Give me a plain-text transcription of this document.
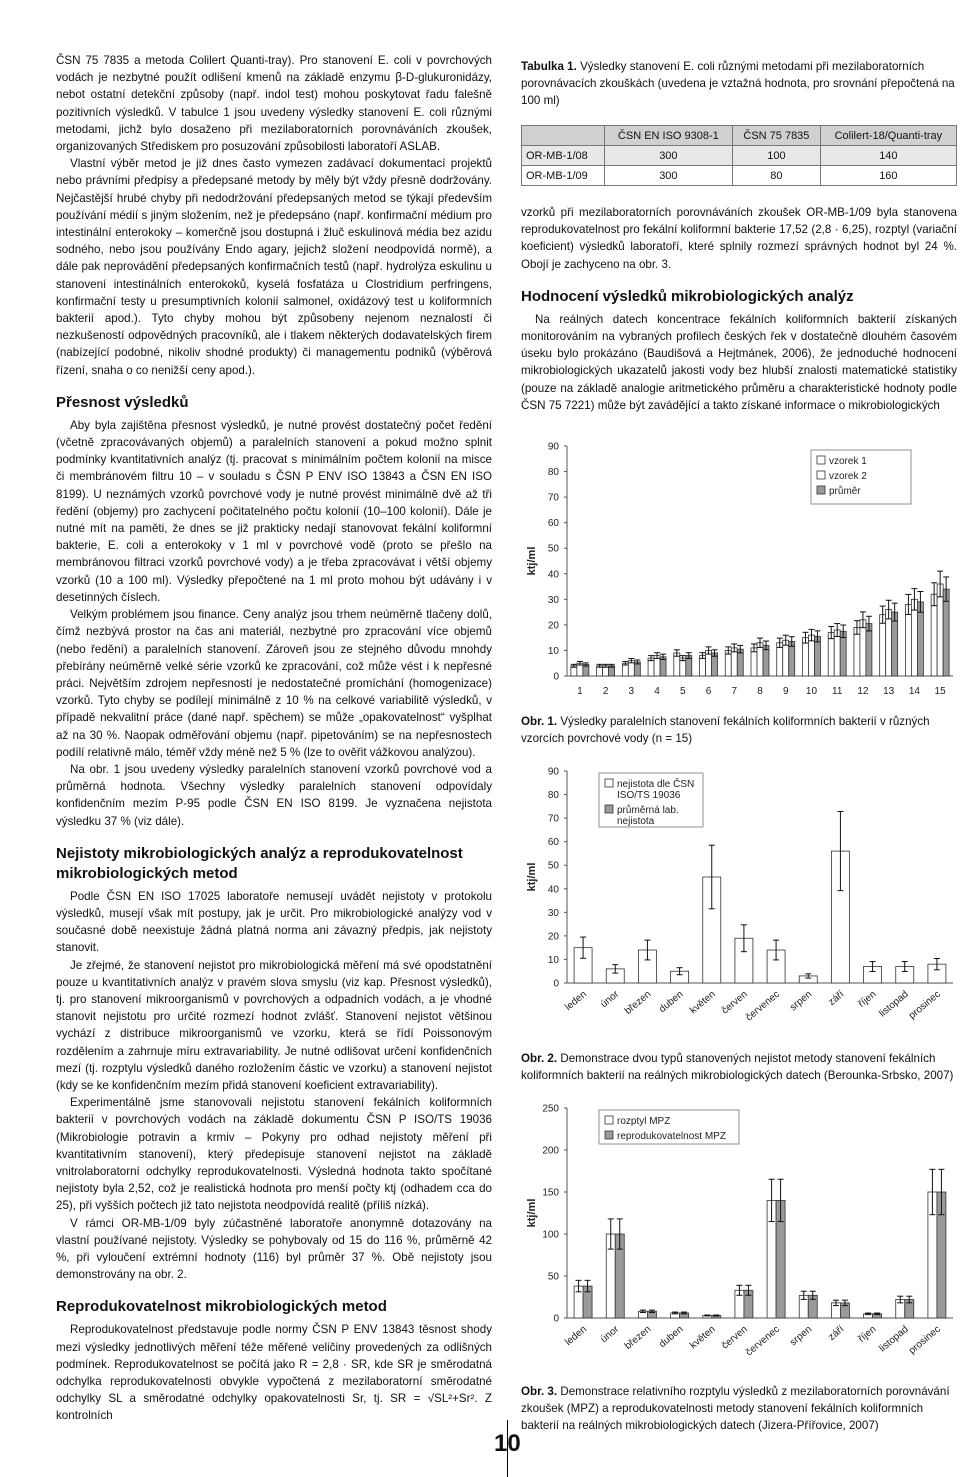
ČSN 75 7835 a metoda Colilert Quanti-tray). Pro stanovení E. coli v povrchových vodách je nezbytné použít odlišení kmenů na základě enzymu β-D-glukuronidázy, nebot ostatní detekční způsoby (např. indol test) mohou poskytovat řadu falešně pozitivních výsledků. V tabulce 1 jsou uvedeny výsledky stanovení E. coli různými metodami, jichž bylo dosaženo při mezilaboratorních porovnáváních zkoušek, organizovaných Střediskem pro posuzování způsobilosti laboratoří ASLAB.

Vlastní výběr metod je již dnes často vymezen zadávací dokumentací projektů nebo právními předpisy a předepsané metody by měly být vždy přesně dodržovány. Nejčastější hrubé chyby při nedodržování předepsaných metod se týkají především používání médií s jiným složením, než je předepsáno (např. konfirmační médium pro intestinální enterokoky – komerčně jsou dostupná i žluč eskulinová média bez azidu sodného, nebo jsou používány Endo agary, jejichž složení neodpovídá normě), a dále pak neprovádění předepsaných konfirmačních testů (např. hydrolýza eskulinu u stanovení intestinálních enterokoků, kyselá fosfatáza u Clostridium perfringens, konfirmační testy u presumptivních kolonií salmonel, oxidázový test u koliformních bakterií apod.). Tyto chyby mohou být způsobeny nejenom neznalostí či nezkušeností odpovědných pracovníků, ale i tlakem některých dodavatelských firem (nabízející podobné, nikoliv shodné produkty) či managementu podniků (výběrová řízení, snaha o co nenižší ceny apod.).

Přesnost výsledků

Aby byla zajištěna přesnost výsledků, je nutné provést dostatečný počet ředění (včetně zpracovávaných objemů) a paralelních stanovení a pokud možno splnit podmínky kvantitativních analýz (tj. pracovat s minimálním počtem kolonií na misce či membránovém filtru 10 – v souladu s ČSN P ENV ISO 13843 a ČSN EN ISO 8199). U neznámých vzorků povrchové vody je nutné provést minimálně dvě až tři ředění (objemy) pro zachycení počitatelného počtu kolonií (10–100 kolonií). Dále je nutné mít na paměti, že dnes se již prakticky nedají stanovovat fekální koliformní bakterie, E. coli a enterokoky v 1 ml v povrchové vodě (proto se přešlo na membránovou filtraci vzorků povrchové vody) a je třeba zpracovávat i větší objemy vzorků (10 a 100 ml). Výsledky přepočtené na 1 ml proto mohou být udávány i v desetinných číslech.

Velkým problémem jsou finance. Ceny analýz jsou trhem neúměrně tlačeny dolů, čímž nezbývá prostor na čas ani materiál, nezbytné pro zpracování více objemů (nebo ředění) a paralelních stanovení. Zároveň jsou ze stejného důvodu mnohdy přebírány neúměrně velké série vzorků ke zpracování, což může vést i k nepřesné práci. Největším zdrojem nepřesností je nedostatečné promíchání (homogenizace) vzorků. Tyto chyby se podílejí minimálně z 10 % na celkové variabilitě výsledků, v případě nekvalitní práce (dané např. spěchem) se může „opakovatelnost“ vyšplhat až na 30 %. Naopak odměřování objemu (např. pipetováním) se na nepřesnostech podílí relativně málo, téměř vždy méně než 5 % (lze to ověřit vážkovou analýzou).

Na obr. 1 jsou uvedeny výsledky paralelních stanovení vzorků povrchové vod a průměrná hodnota. Všechny výsledky paralelních stanovení odpovídaly konfidenčním mezím P-95 podle ČSN EN ISO 8199. Je vyznačena nejistota výsledku 37 % (viz dále).

Nejistoty mikrobiologických analýz a reprodukovatelnost mikrobiologických metod

Podle ČSN EN ISO 17025 laboratoře nemusejí uvádět nejistoty v protokolu výsledků, musejí však mít postupy, jak je určit. Pro mikrobiologické analýzy vod v současné době neexistuje žádná platná norma ani závazný předpis, jak nejistoty stanovit.

Je zřejmé, že stanovení nejistot pro mikrobiologická měření má své opodstatnění pouze u kvantitativních analýz v pravém slova smyslu (viz kap. Přesnost výsledků), tj. pro stanovení mikroorganismů v povrchových a odpadních vodách, a je vhodné stanovit nejistotu pro určité rozmezí hodnot zvlášť. Stanovení nejistot většinou vychází z distribuce mikroorganismů ve vzorku, která se řídí Poissonovým rozdělením a zahrnuje míru extravariability. Je nutné odlišovat určení konfidenčních mezí (tj. rozptylu výsledků daného rozložením částic ve vzorku) a stanovení nejistot (kdy se ke konfidenčním mezím přidá stanovení koeficient extravariability).

Experimentálně jsme stanovovali nejistotu stanovení fekálních koliformních bakterií v povrchových vodách na základě dokumentu ČSN P ISO/TS 19036 (Mikrobiologie potravin a krmiv – Pokyny pro odhad nejistoty měření při kvantitativním stanovení), který předepisuje stanovení nejistot na základě vnitrolaboratorní odchylky reprodukovatelnosti. Výsledná hodnota takto spočítané nejistoty byla 2,52, což je realistická hodnota pro menší počty ktj (odhadem cca do 25), při vyšších počtech již tato nejistota neodpovídá realitě (příliš nízká).

V rámci OR-MB-1/09 byly zúčastněné laboratoře anonymně dotazovány na vlastní používané nejistoty. Výsledky se pohybovaly od 15 do 116 %, průměrně 42 %, při vyloučení extrémní hodnoty (116) byl průměr 37 %. Obě nejistoty jsou demonstrovány na obr. 2.

Reprodukovatelnost mikrobiologických metod

Reprodukovatelnost představuje podle normy ČSN P ENV 13843 těsnost shody mezi výsledky jednotlivých měření téže měřené veličiny provedených za odlišných podmínek. Reprodukovatelnost se počítá jako R = 2,8 · SR, kde SR je směrodatná odchylka reprodukovatelnosti obvykle vypočtená z mezilaboratorní směrodatné odchylky SL a směrodatné odchylky opakovatelnosti Sr, tj. SR = √SL²+Sr². Z kontrolních

Tabulka 1. Výsledky stanovení E. coli různými metodami při mezilaboratorních porovnávacích zkouškách (uvedena je vztažná hodnota, pro srovnání přepočtená na 100 ml)

	ČSN EN ISO 9308-1	ČSN 75 7835	Colilert-18/Quanti-tray
OR-MB-1/08	300	100	140
OR-MB-1/09	300	80	160

vzorků při mezilaboratorních porovnáváních zkoušek OR-MB-1/09 byla stanovena reprodukovatelnost pro fekální koliformní bakterie 17,52 (2,8 · 6,25), rozptyl (variační koeficient) výsledků laboratoří, které splnily rozmezí správných hodnot byl 24 %. Obojí je zachyceno na obr. 3.

Hodnocení výsledků mikrobiologických analýz

Na reálných datech koncentrace fekálních koliformních bakterií získaných monitorováním na vybraných profilech českých řek v dostatečně dlouhém časovém úseku bylo prokázáno (Baudišová a Hejtmánek, 2006), že jednoduché hodnocení mikrobiologických ukazatelů jakosti vody bez hlubší znalosti matematické statistiky (pouze na základě analogie aritmetického průměru a charakteristické hodnoty podle ČSN 75 7221) může být zavádějící a takto získané informace o mikrobiologických

0
10
20
30
40
50
60
70
80
90
ktj/ml
1 2 3 4 5 6 7 8 9 10 11 12 13 14 15
vzorek 1
vzorek 2
průměr

Obr. 1. Výsledky paralelních stanovení fekálních koliformních bakterií v různých vzorcích povrchové vody (n = 15)

0
10
20
30
40
50
60
70
80
90
ktj/ml
leden únor březen duben květen červen
červenec srpen září říjen
listopad
prosinec
nejistota dle ČSN
ISO/TS 19036
průměrná lab.
nejistota

Obr. 2. Demonstrace dvou typů stanovených nejistot metody stanovení fekálních koliformních bakterií na reálných mikrobiologických datech (Berounka-Srbsko, 2007)

0
50
100
150
200
250
ktj/ml
leden únor březen duben květen červen
červenec srpen září říjen
listopad
prosinec
rozptyl MPZ
reprodukovatelnost MPZ

Obr. 3. Demonstrace relativního rozptylu výsledků z mezilaboratorních porovnávání zkoušek (MPZ) a reprodukovatelnosti metody stanovení fekálních koliformních bakterií na reálných mikrobiologických datech (Jizera-Přířovice, 2007)

10
